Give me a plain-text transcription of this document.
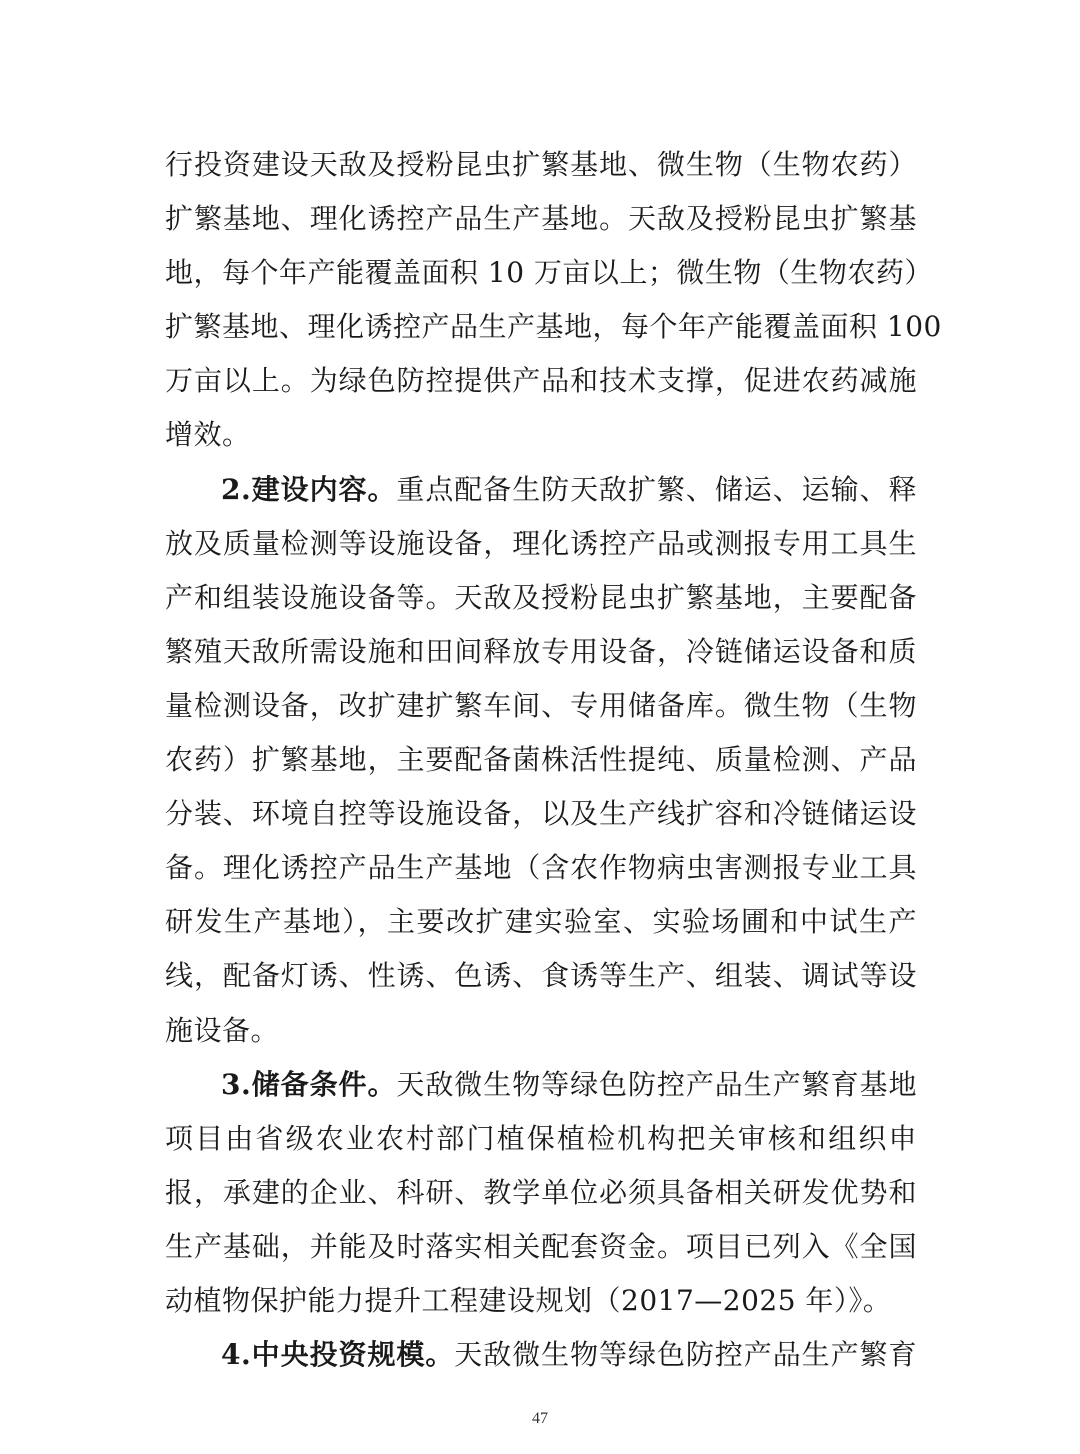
行投资建设天敌及授粉昆虫扩繁基地、微生物（生物农药）
扩繁基地、理化诱控产品生产基地。天敌及授粉昆虫扩繁基
地，每个年产能覆盖面积 10 万亩以上；微生物（生物农药）
扩繁基地、理化诱控产品生产基地，每个年产能覆盖面积 100
万亩以上。为绿色防控提供产品和技术支撑，促进农药减施
增效。
2.建设内容。重点配备生防天敌扩繁、储运、运输、释
放及质量检测等设施设备，理化诱控产品或测报专用工具生
产和组装设施设备等。天敌及授粉昆虫扩繁基地，主要配备
繁殖天敌所需设施和田间释放专用设备，冷链储运设备和质
量检测设备，改扩建扩繁车间、专用储备库。微生物（生物
农药）扩繁基地，主要配备菌株活性提纯、质量检测、产品
分装、环境自控等设施设备，以及生产线扩容和冷链储运设
备。理化诱控产品生产基地（含农作物病虫害测报专业工具
研发生产基地），主要改扩建实验室、实验场圃和中试生产
线，配备灯诱、性诱、色诱、食诱等生产、组装、调试等设
施设备。
3.储备条件。天敌微生物等绿色防控产品生产繁育基地
项目由省级农业农村部门植保植检机构把关审核和组织申
报，承建的企业、科研、教学单位必须具备相关研发优势和
生产基础，并能及时落实相关配套资金。项目已列入《全国
动植物保护能力提升工程建设规划（2017—2025 年）》。
4.中央投资规模。天敌微生物等绿色防控产品生产繁育
47
